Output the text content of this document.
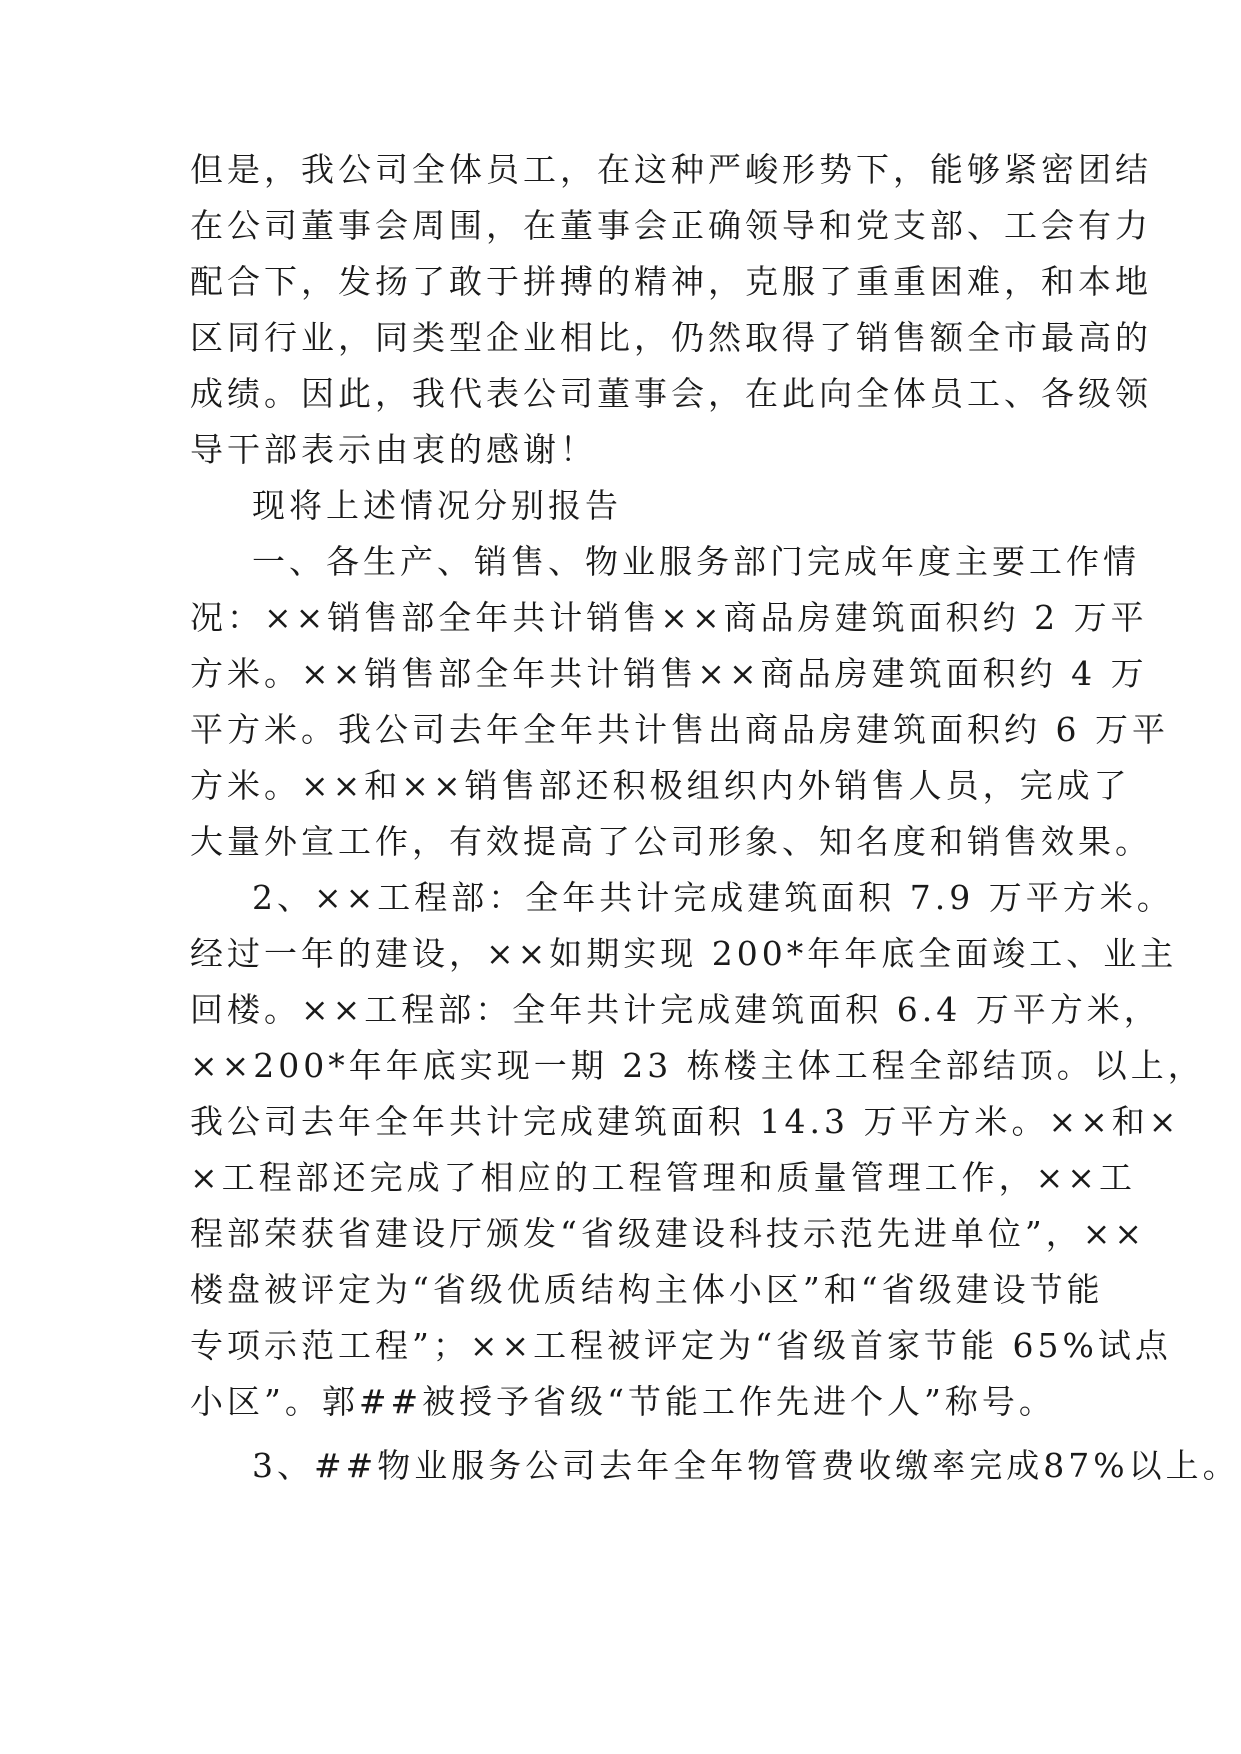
但是，我公司全体员工，在这种严峻形势下，能够紧密团结
在公司董事会周围，在董事会正确领导和党支部、工会有力
配合下，发扬了敢于拼搏的精神，克服了重重困难，和本地
区同行业，同类型企业相比，仍然取得了销售额全市最高的
成绩。因此，我代表公司董事会，在此向全体员工、各级领
导干部表示由衷的感谢！
现将上述情况分别报告
一、各生产、销售、物业服务部门完成年度主要工作情
况：××销售部全年共计销售××商品房建筑面积约 2 万平
方米。××销售部全年共计销售××商品房建筑面积约 4 万
平方米。我公司去年全年共计售出商品房建筑面积约 6 万平
方米。××和××销售部还积极组织内外销售人员，完成了
大量外宣工作，有效提高了公司形象、知名度和销售效果。
2、××工程部：全年共计完成建筑面积 7.9 万平方米。
经过一年的建设，××如期实现 200*年年底全面竣工、业主
回楼。××工程部：全年共计完成建筑面积 6.4 万平方米，
××200*年年底实现一期 23 栋楼主体工程全部结顶。以上，
我公司去年全年共计完成建筑面积 14.3 万平方米。××和×
×工程部还完成了相应的工程管理和质量管理工作，××工
程部荣获省建设厅颁发“省级建设科技示范先进单位”，××
楼盘被评定为“省级优质结构主体小区”和“省级建设节能
专项示范工程”；××工程被评定为“省级首家节能 65%试点
小区”。郭##被授予省级“节能工作先进个人”称号。
3、##物业服务公司去年全年物管费收缴率完成87%以上。
